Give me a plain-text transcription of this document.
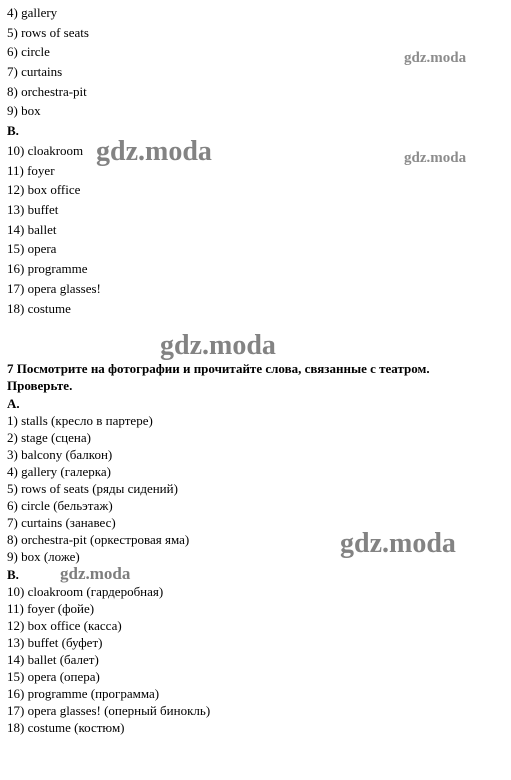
4) gallery
5) rows of seats
6) circle
7) curtains
8) orchestra-pit
9) box
B.
10) cloakroom
11) foyer
12) box office
13) buffet
14) ballet
15) opera
16) programme
17) opera glasses!
18) costume
7 Посмотрите на фотографии и прочитайте слова, связанные с театром.
Проверьте.
A.
1) stalls (кресло в партере)
2) stage (сцена)
3) balcony (балкон)
4) gallery (галерка)
5) rows of seats (ряды сидений)
6) circle (бельэтаж)
7) curtains (занавес)
8) orchestra-pit (оркестровая яма)
9) box (ложе)
B.
10) cloakroom (гардеробная)
11) foyer (фойе)
12) box office (касса)
13) buffet (буфет)
14) ballet (балет)
15) opera (опера)
16) programme (программа)
17) opera glasses! (оперный бинокль)
18) costume (костюм)
gdz.moda
gdz.moda	gdz.moda
gdz.moda
gdz.moda
gdz.moda
